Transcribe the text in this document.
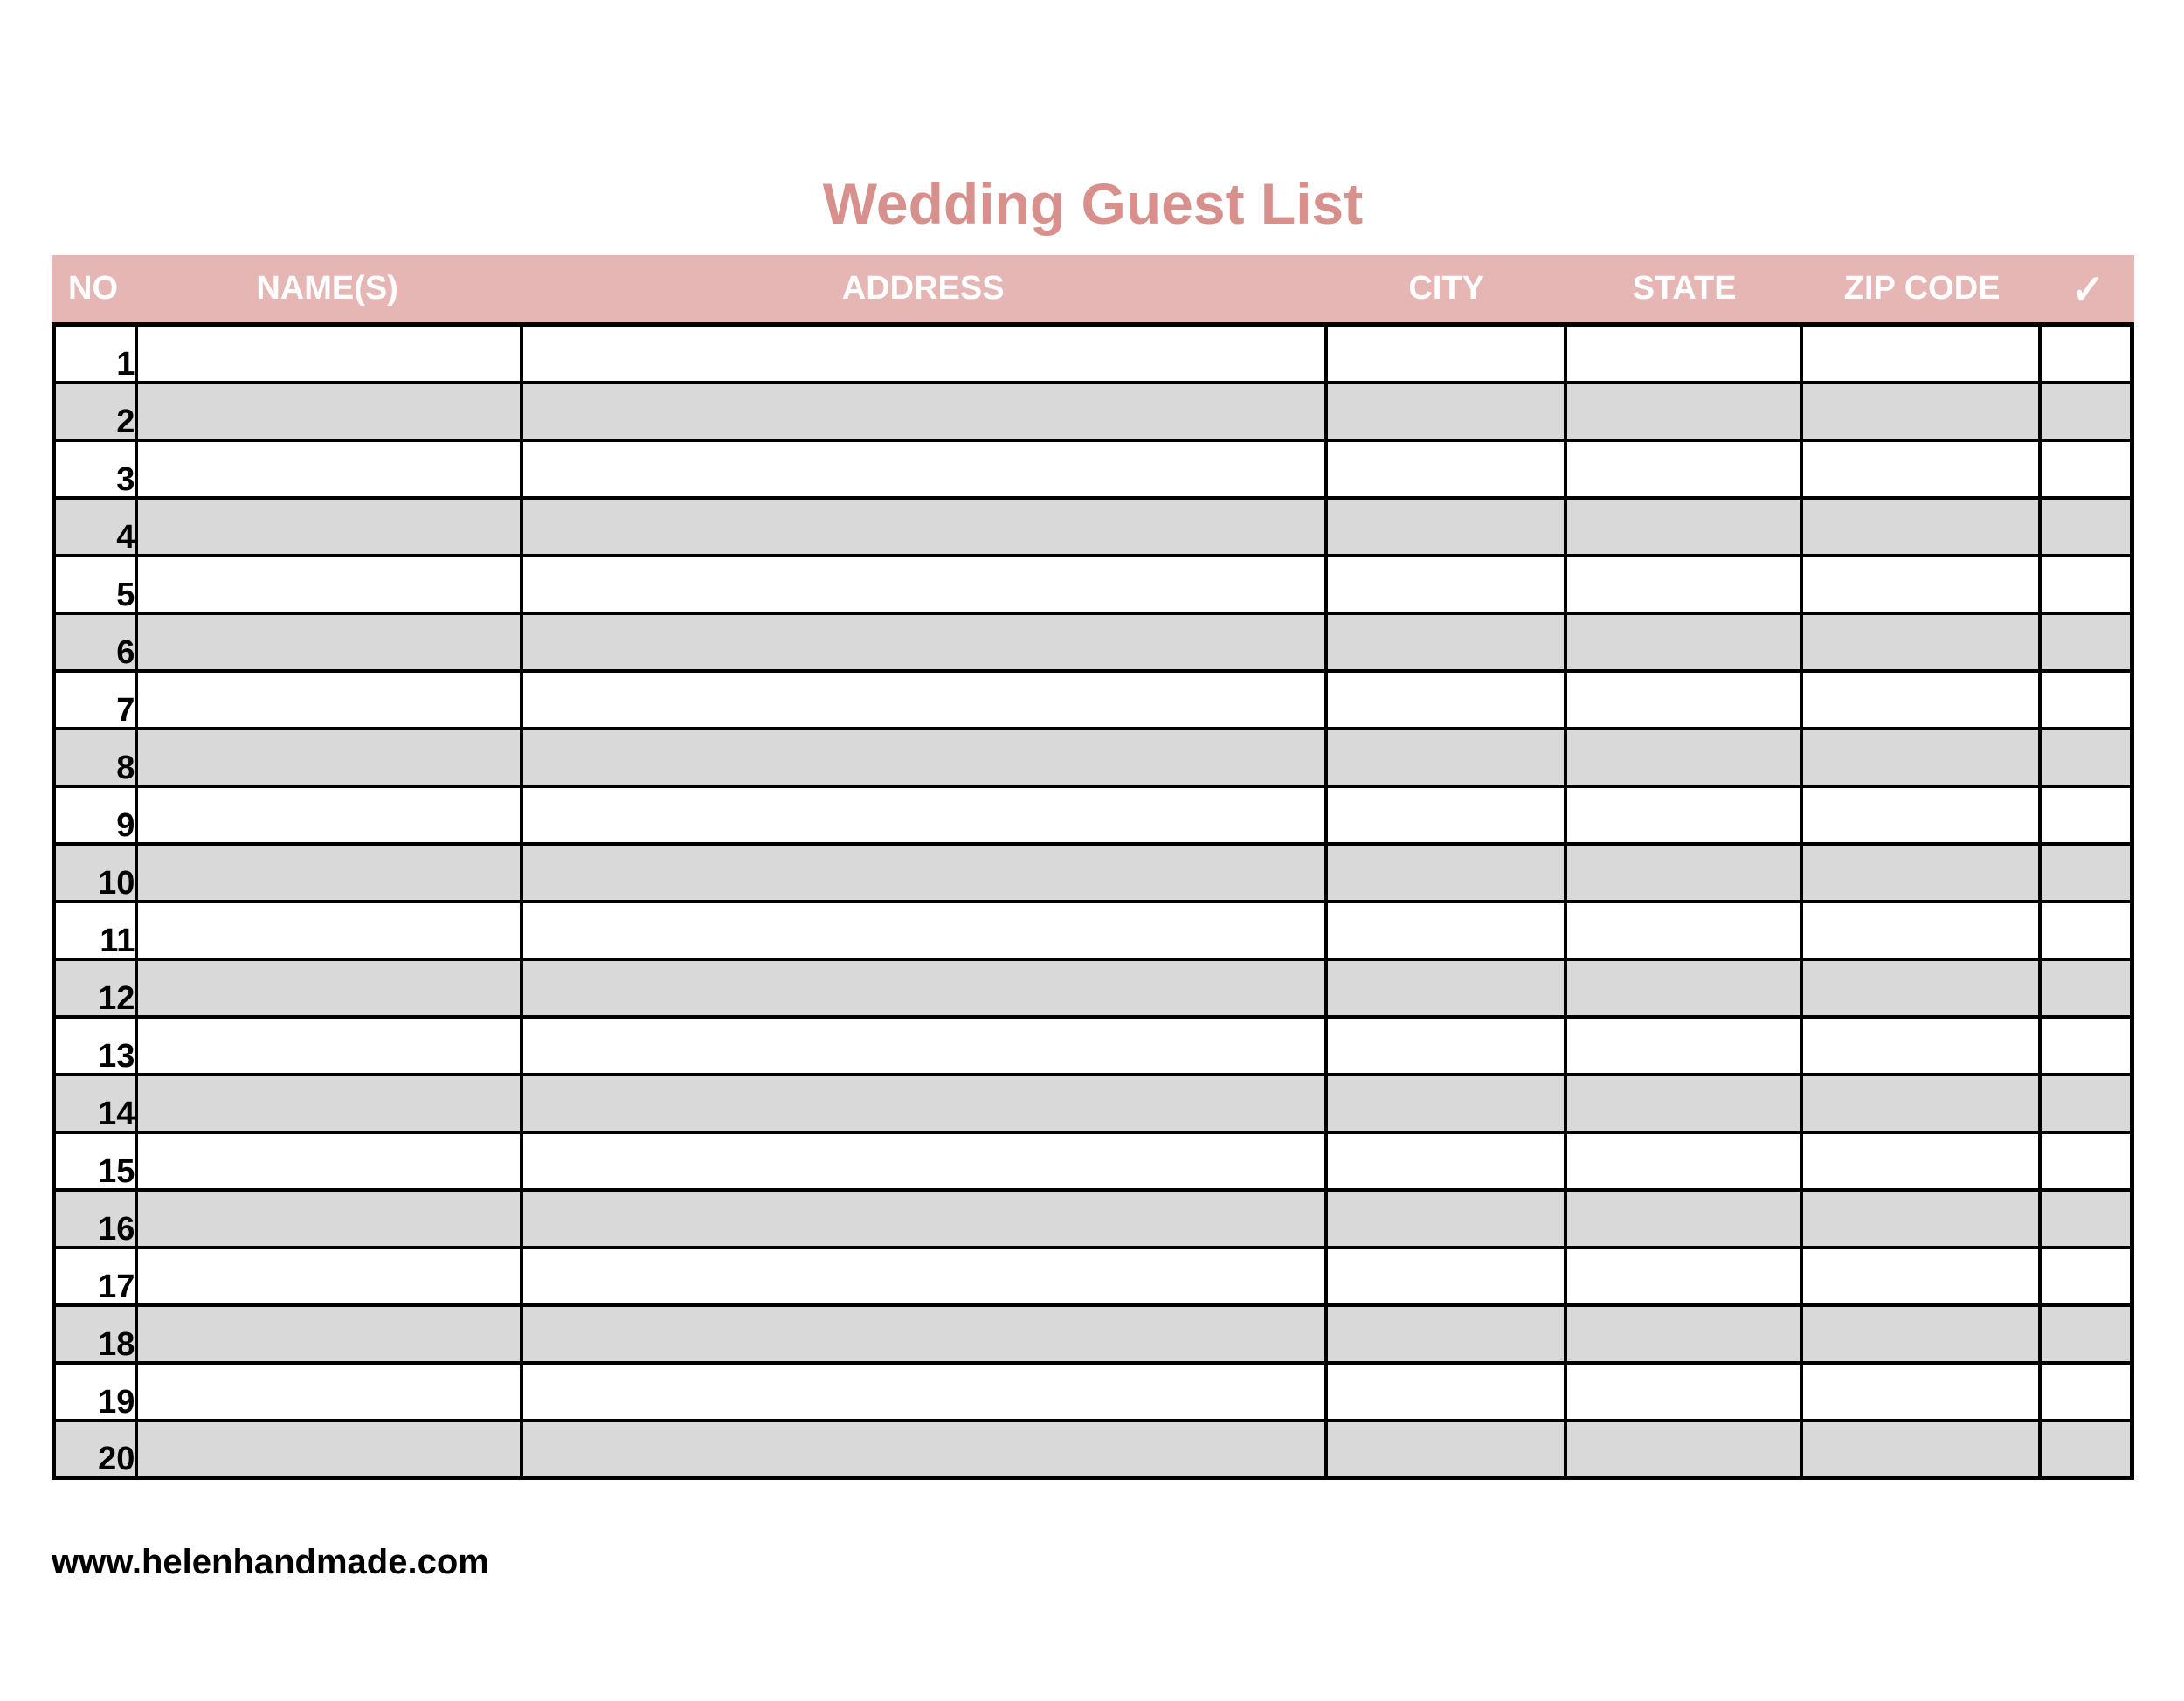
Wedding Guest List
NO	NAME(S)	ADDRESS	CITY	STATE	ZIP CODE	✓
1						
2						
3						
4						
5						
6						
7						
8						
9						
10						
11						
12						
13						
14						
15						
16						
17						
18						
19						
20						
www.helenhandmade.com
